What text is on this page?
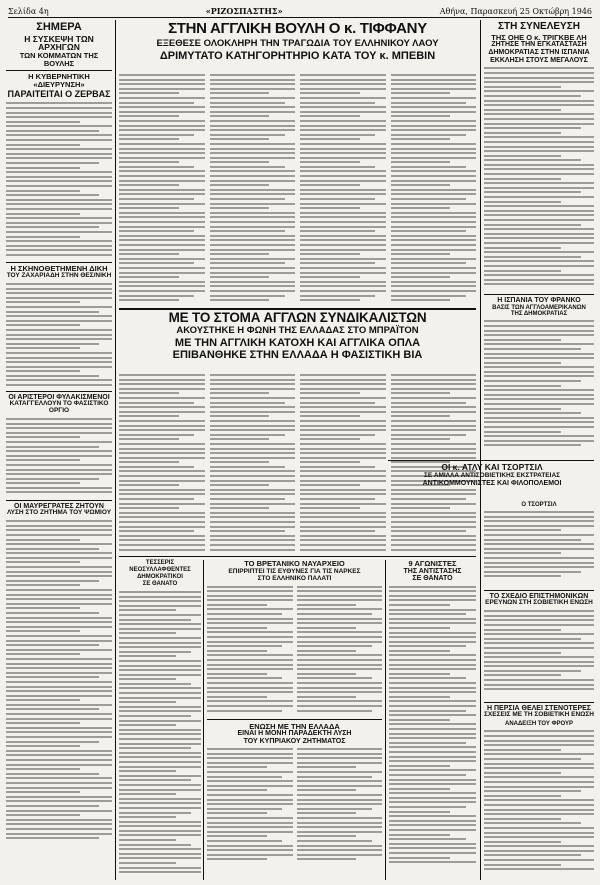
Σελίδα 4η	«ΡΙΖΟΣΠΑΣΤΗΣ»	Αθήνα, Παρασκευή 25 Οκτώβρη 1946

ΣΗΜΕΡΑ

Η ΣΥΣΚΕΨΗ ΤΩΝ ΑΡΧΗΓΩΝ

ΤΩΝ ΚΟΜΜΑΤΩΝ ΤΗΣ ΒΟΥΛΗΣ

Η ΚΥΒΕΡΝΗΤΙΚΗ «ΔΙΕΥΡΥΝΣΗ»

ΠΑΡΑΙΤΕΙΤΑΙ Ο ΖΕΡΒΑΣ

Η ΣΚΗΝΟΘΕΤΗΜΕΝΗ ΔΙΚΗ

ΤΟΥ ΖΑΧΑΡΙΑΔΗ ΣΤΗΝ ΘΕΣ/ΝΙΚΗ

ΟΙ ΑΡΙΣΤΕΡΟΙ ΦΥΛΑΚΙΣΜΕΝΟΙ

ΚΑΤΑΓΓΕΛΛΟΥΝ ΤΟ ΦΑΣΙΣΤΙΚΟ ΟΡΓΙΟ

ΟΙ ΜΑΥΡΕΓΡΑΤΕΣ ΖΗΤΟΥΝ

ΛΥΣΗ ΣΤΟ ΖΗΤΗΜΑ ΤΟΥ ΨΩΜΙΟΥ

ΣΤΗΝ ΑΓΓΛΙΚΗ ΒΟΥΛΗ Ο κ. ΤΙΦΦΑΝΥ

ΕΞΕΘΕΣΕ ΟΛΟΚΛΗΡΗ ΤΗΝ ΤΡΑΓΩΔΙΑ ΤΟΥ ΕΛΛΗΝΙΚΟΥ ΛΑΟΥ

ΔΡΙΜΥΤΑΤΟ ΚΑΤΗΓΟΡΗΤΗΡΙΟ ΚΑΤΑ ΤΟΥ κ. ΜΠΕΒΙΝ

ΜΕ ΤΟ ΣΤΟΜΑ ΑΓΓΛΩΝ ΣΥΝΔΙΚΑΛΙΣΤΩΝ

ΑΚΟΥΣΤΗΚΕ Η ΦΩΝΗ ΤΗΣ ΕΛΛΑΔΑΣ ΣΤΟ ΜΠΡΑΪΤΟΝ

ΜΕ ΤΗΝ ΑΓΓΛΙΚΗ ΚΑΤΟΧΗ ΚΑΙ ΑΓΓΛΙΚΑ ΟΠΛΑ

ΕΠΙΒΑΝΘΗΚΕ ΣΤΗΝ ΕΛΛΑΔΑ Η ΦΑΣΙΣΤΙΚΗ ΒΙΑ

ΤΕΣΣΕΡΙΣ

ΝΕΟΣΥΛΛΑΦΘΕΝΤΕΣ

ΔΗΜΟΚΡΑΤΙΚΟΙ

ΣΕ ΘΑΝΑΤΟ

ΤΟ ΒΡΕΤΑΝΙΚΟ ΝΑΥΑΡΧΕΙΟ

ΕΠΙΡΡΙΠΤΕΙ ΤΙΣ ΕΥΘΥΝΕΣ ΓΙΑ ΤΙΣ ΝΑΡΚΕΣ

ΣΤΟ ΕΛΛΗΝΙΚΟ ΠΑΛΑΤΙ

ΕΝΩΣΗ ΜΕ ΤΗΝ ΕΛΛΑΔΑ

ΕΙΝΑΙ Η ΜΟΝΗ ΠΑΡΑΔΕΚΤΗ ΛΥΣΗ

ΤΟΥ ΚΥΠΡΙΑΚΟΥ ΖΗΤΗΜΑΤΟΣ

9 ΑΓΩΝΙΣΤΕΣ

ΤΗΣ ΑΝΤΙΣΤΑΣΗΣ

ΣΕ ΘΑΝΑΤΟ

ΣΤΗ ΣΥΝΕΛΕΥΣΗ

ΤΗΣ ΟΗΕ Ο κ. ΤΡΙΓΚΒΕ ΛΗ

ΖΗΤΗΣΕ ΤΗΝ ΕΓΚΑΤΑΣΤΑΣΗ

ΔΗΜΟΚΡΑΤΙΑΣ ΣΤΗΝ ΙΣΠΑΝΙΑ

ΕΚΚΛΗΣΗ ΣΤΟΥΣ ΜΕΓΑΛΟΥΣ

Η ΙΣΠΑΝΙΑ ΤΟΥ ΦΡΑΝΚΟ

ΒΑΣΙΣ ΤΩΝ ΑΓΓΛΟΑΜΕΡΙΚΑΝΩΝ

ΤΗΣ ΔΗΜΟΚΡΑΤΙΑΣ

ΟΙ κ. ΑΤΛΥ ΚΑΙ ΤΣΟΡΤΣΙΛ

ΣΕ ΑΜΙΛΛΑ ΑΝΤΙΣΟΒΙΕΤΙΚΗΣ ΕΚΣΤΡΑΤΕΙΑΣ

ΑΝΤΙΚΟΜΜΟΥΝΙΣΤΕΣ ΚΑΙ ΦΙΛΟΠΟΛΕΜΟΙ

Ο ΤΣΟΡΤΣΙΛ

ΤΟ ΣΧΕΔΙΟ ΕΠΙΣΤΗΜΟΝΙΚΩΝ

ΕΡΕΥΝΩΝ ΣΤΗ ΣΟΒΙΕΤΙΚΗ ΕΝΩΣΗ

Η ΠΕΡΣΙΑ ΘΕΛΕΙ ΣΤΕΝΟΤΕΡΕΣ

ΣΧΕΣΕΙΣ ΜΕ ΤΗ ΣΟΒΙΕΤΙΚΗ ΕΝΩΣΗ

ΑΝΑΔΕΙΞΗ ΤΟΥ ΦΡΟΥΡ
